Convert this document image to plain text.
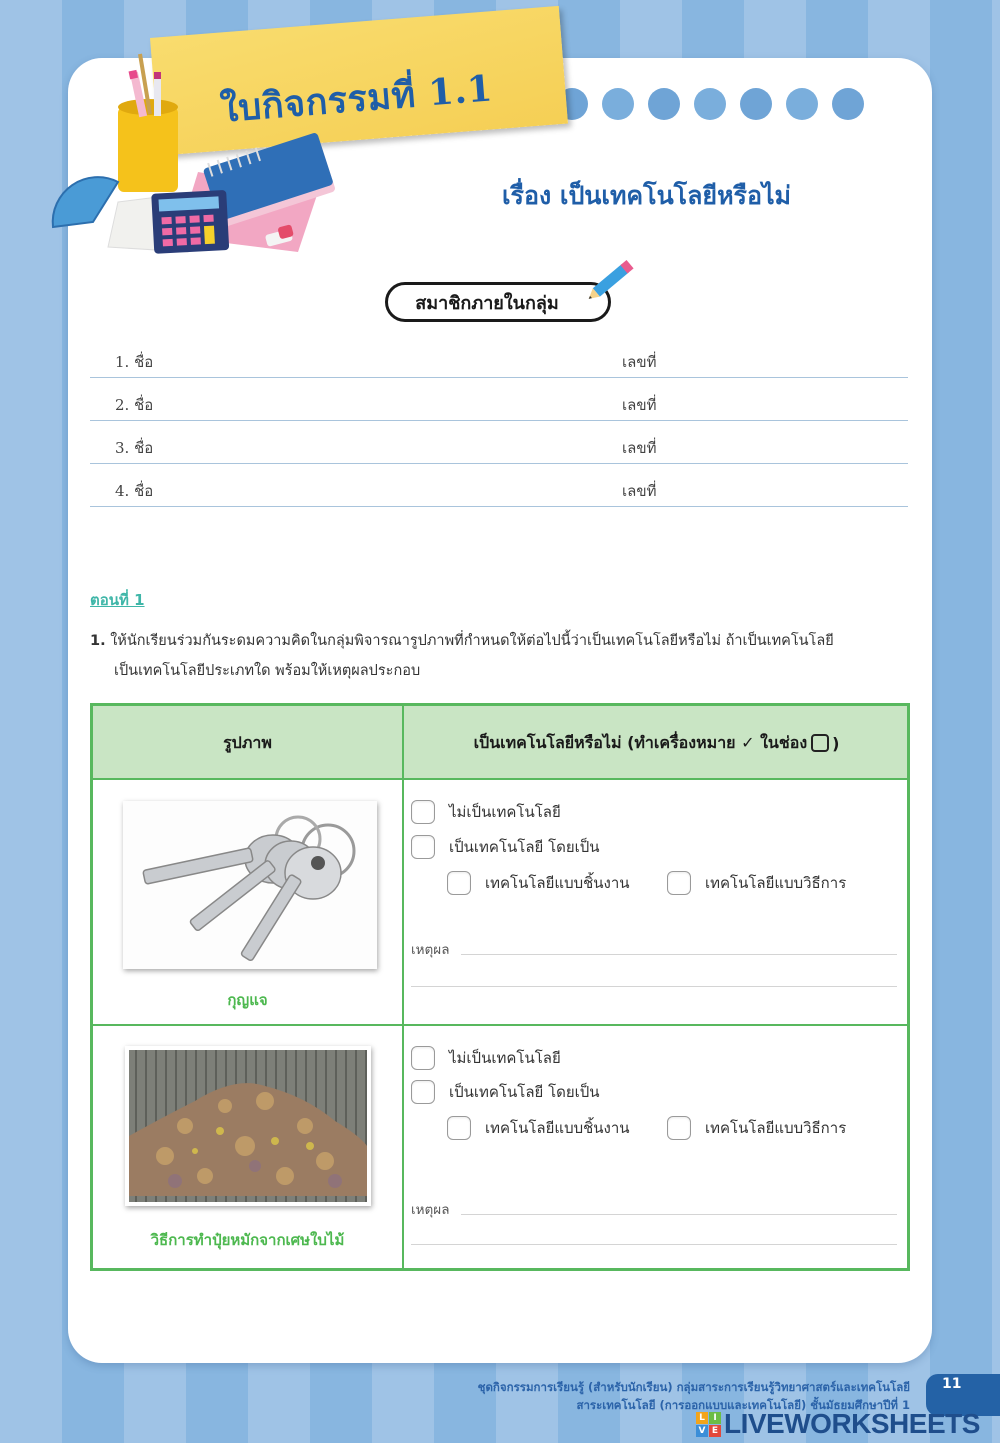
ใบกิจกรรมที่ 1.1
เรื่อง เป็นเทคโนโลยีหรือไม่
สมาชิกภายในกลุ่ม
1. ชื่อ	เลขที่
2. ชื่อ	เลขที่
3. ชื่อ	เลขที่
4. ชื่อ	เลขที่
ตอนที่ 1
1. ให้นักเรียนร่วมกันระดมความคิดในกลุ่มพิจารณารูปภาพที่กำหนดให้ต่อไปนี้ว่าเป็นเทคโนโลยีหรือไม่ ถ้าเป็นเทคโนโลยี
เป็นเทคโนโลยีประเภทใด พร้อมให้เหตุผลประกอบ
รูปภาพ	เป็นเทคโนโลยีหรือไม่ (ทำเครื่องหมาย ✓ ในช่อง )
กุญแจ
ไม่เป็นเทคโนโลยี
เป็นเทคโนโลยี โดยเป็น
เทคโนโลยีแบบชิ้นงาน	เทคโนโลยีแบบวิธีการ
เหตุผล
วิธีการทำปุ๋ยหมักจากเศษใบไม้
ไม่เป็นเทคโนโลยี
เป็นเทคโนโลยี โดยเป็น
เทคโนโลยีแบบชิ้นงาน	เทคโนโลยีแบบวิธีการ
เหตุผล
ชุดกิจกรรมการเรียนรู้ (สำหรับนักเรียน) กลุ่มสาระการเรียนรู้วิทยาศาสตร์และเทคโนโลยี
สาระเทคโนโลยี (การออกแบบและเทคโนโลยี) ชั้นมัธยมศึกษาปีที่ 1
11
L I
V E LIVEWORKSHEETS
